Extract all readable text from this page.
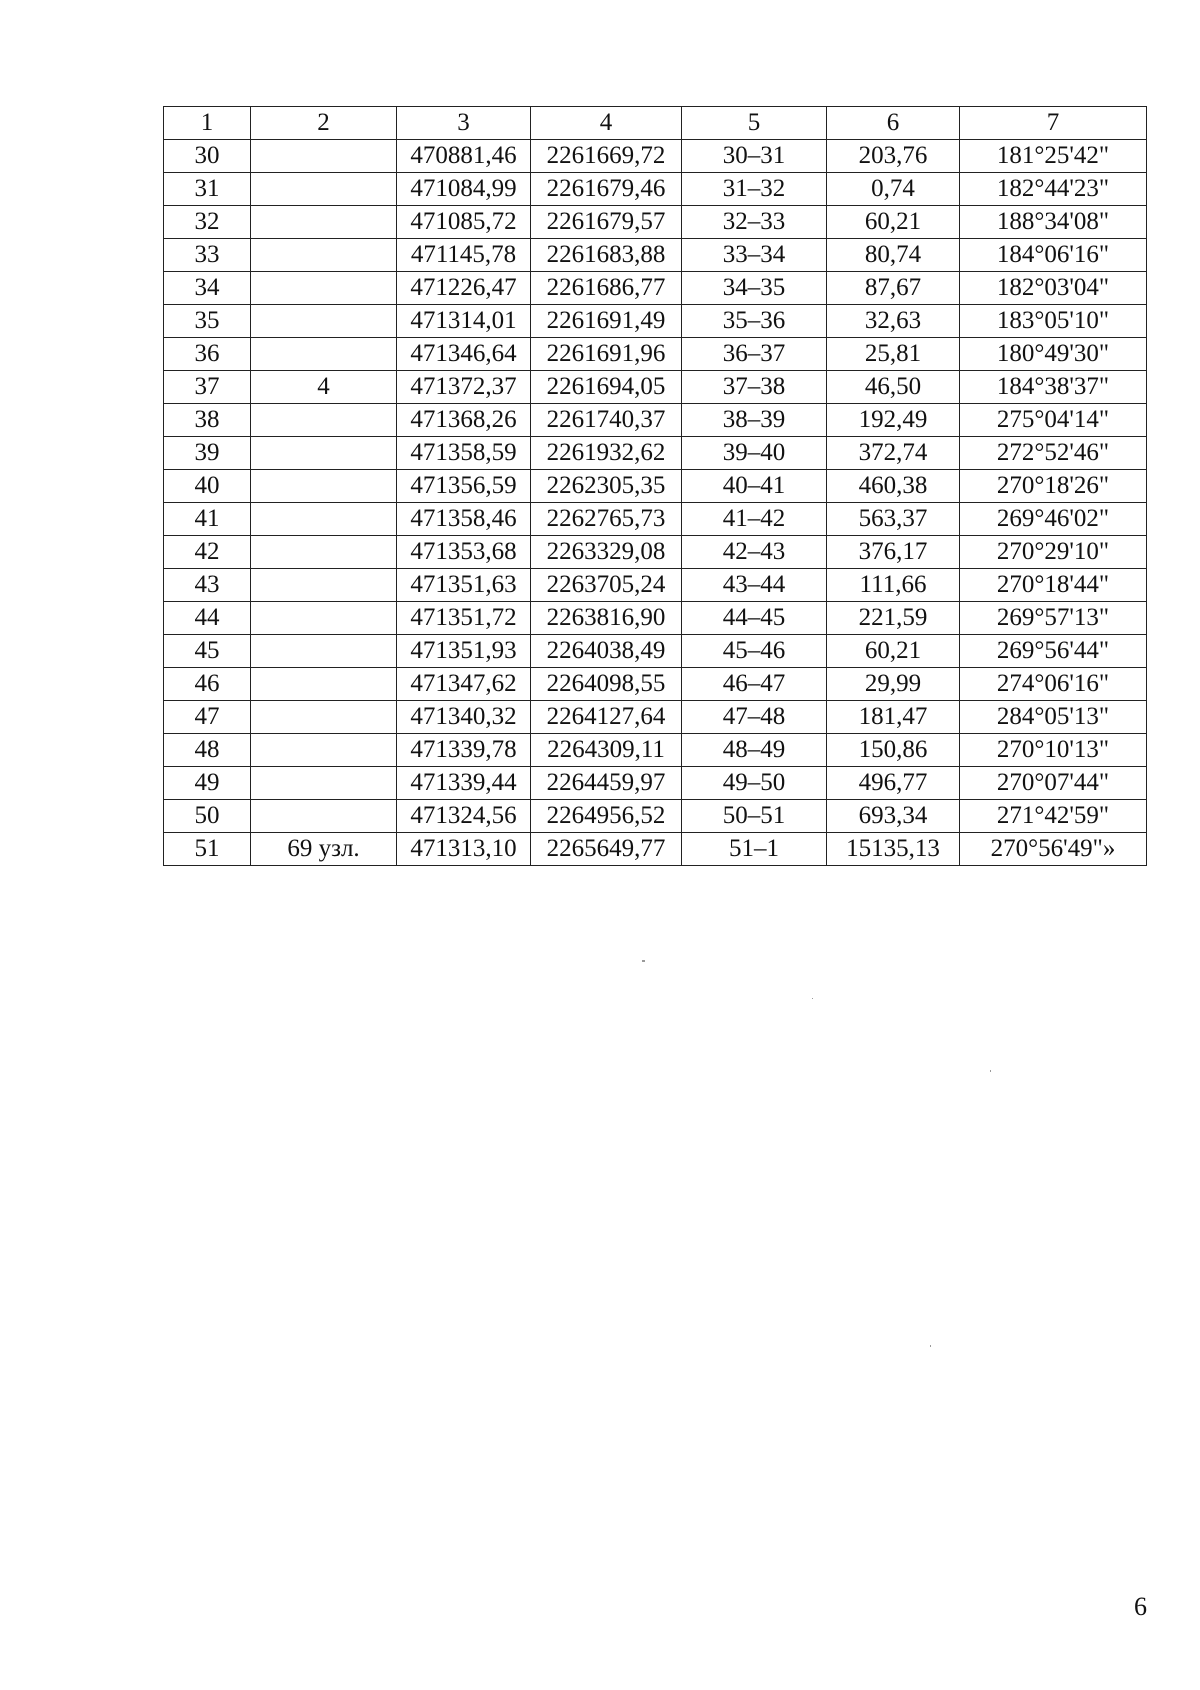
1	2	3	4	5	6	7
30		470881,46	2261669,72	30–31	203,76	181°25'42"
31		471084,99	2261679,46	31–32	0,74	182°44'23"
32		471085,72	2261679,57	32–33	60,21	188°34'08"
33		471145,78	2261683,88	33–34	80,74	184°06'16"
34		471226,47	2261686,77	34–35	87,67	182°03'04"
35		471314,01	2261691,49	35–36	32,63	183°05'10"
36		471346,64	2261691,96	36–37	25,81	180°49'30"
37	4	471372,37	2261694,05	37–38	46,50	184°38'37"
38		471368,26	2261740,37	38–39	192,49	275°04'14"
39		471358,59	2261932,62	39–40	372,74	272°52'46"
40		471356,59	2262305,35	40–41	460,38	270°18'26"
41		471358,46	2262765,73	41–42	563,37	269°46'02"
42		471353,68	2263329,08	42–43	376,17	270°29'10"
43		471351,63	2263705,24	43–44	111,66	270°18'44"
44		471351,72	2263816,90	44–45	221,59	269°57'13"
45		471351,93	2264038,49	45–46	60,21	269°56'44"
46		471347,62	2264098,55	46–47	29,99	274°06'16"
47		471340,32	2264127,64	47–48	181,47	284°05'13"
48		471339,78	2264309,11	48–49	150,86	270°10'13"
49		471339,44	2264459,97	49–50	496,77	270°07'44"
50		471324,56	2264956,52	50–51	693,34	271°42'59"
51	69 узл.	471313,10	2265649,77	51–1	15135,13	270°56'49"»
6
